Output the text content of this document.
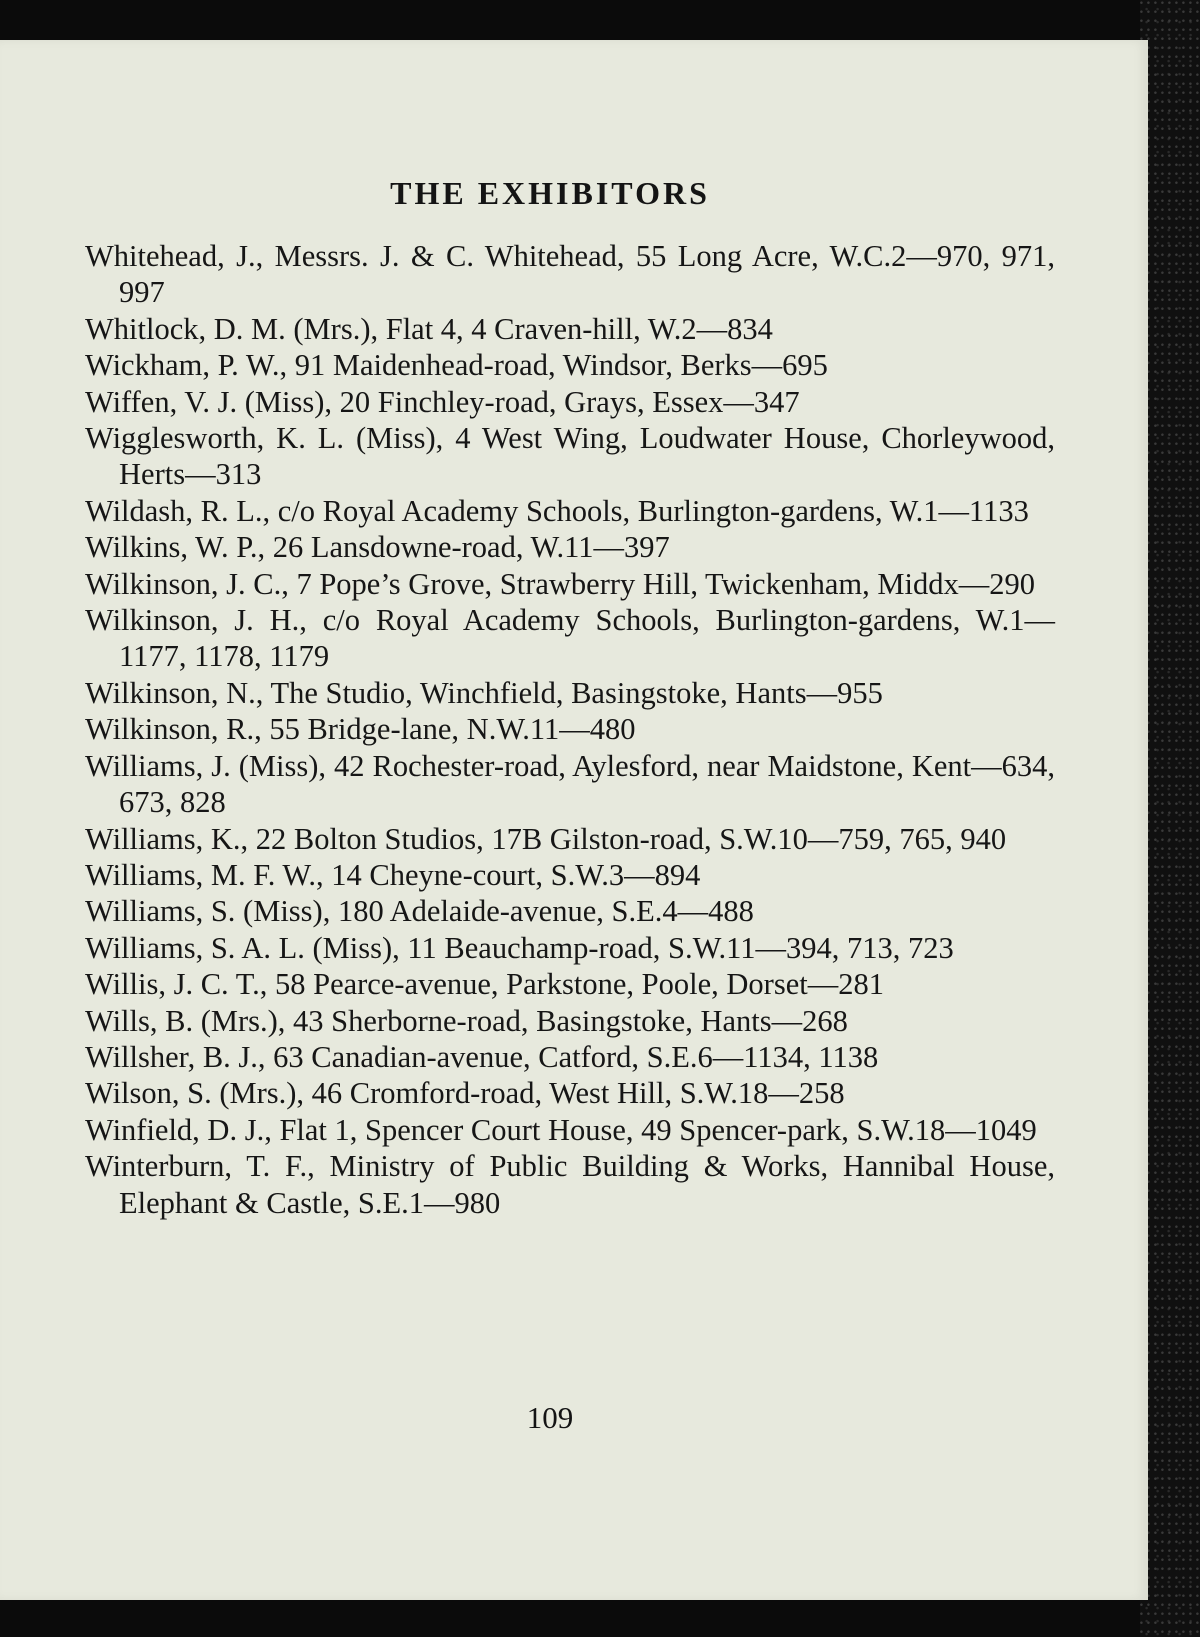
THE EXHIBITORS
Whitehead, J., Messrs. J. & C. Whitehead, 55 Long Acre, W.C.2—970, 971, 997
Whitlock, D. M. (Mrs.), Flat 4, 4 Craven-hill, W.2—834
Wickham, P. W., 91 Maidenhead-road, Windsor, Berks—695
Wiffen, V. J. (Miss), 20 Finchley-road, Grays, Essex—347
Wigglesworth, K. L. (Miss), 4 West Wing, Loudwater House, Chorleywood, Herts—313
Wildash, R. L., c/o Royal Academy Schools, Burlington-gardens, W.1—1133
Wilkins, W. P., 26 Lansdowne-road, W.11—397
Wilkinson, J. C., 7 Pope’s Grove, Strawberry Hill, Twickenham, Middx—290
Wilkinson, J. H., c/o Royal Academy Schools, Burlington-gardens, W.1—1177, 1178, 1179
Wilkinson, N., The Studio, Winchfield, Basingstoke, Hants—955
Wilkinson, R., 55 Bridge-lane, N.W.11—480
Williams, J. (Miss), 42 Rochester-road, Aylesford, near Maidstone, Kent—634, 673, 828
Williams, K., 22 Bolton Studios, 17B Gilston-road, S.W.10—759, 765, 940
Williams, M. F. W., 14 Cheyne-court, S.W.3—894
Williams, S. (Miss), 180 Adelaide-avenue, S.E.4—488
Williams, S. A. L. (Miss), 11 Beauchamp-road, S.W.11—394, 713, 723
Willis, J. C. T., 58 Pearce-avenue, Parkstone, Poole, Dorset—281
Wills, B. (Mrs.), 43 Sherborne-road, Basingstoke, Hants—268
Willsher, B. J., 63 Canadian-avenue, Catford, S.E.6—1134, 1138
Wilson, S. (Mrs.), 46 Cromford-road, West Hill, S.W.18—258
Winfield, D. J., Flat 1, Spencer Court House, 49 Spencer-park, S.W.18—1049
Winterburn, T. F., Ministry of Public Building & Works, Hannibal House, Elephant & Castle, S.E.1—980
109
